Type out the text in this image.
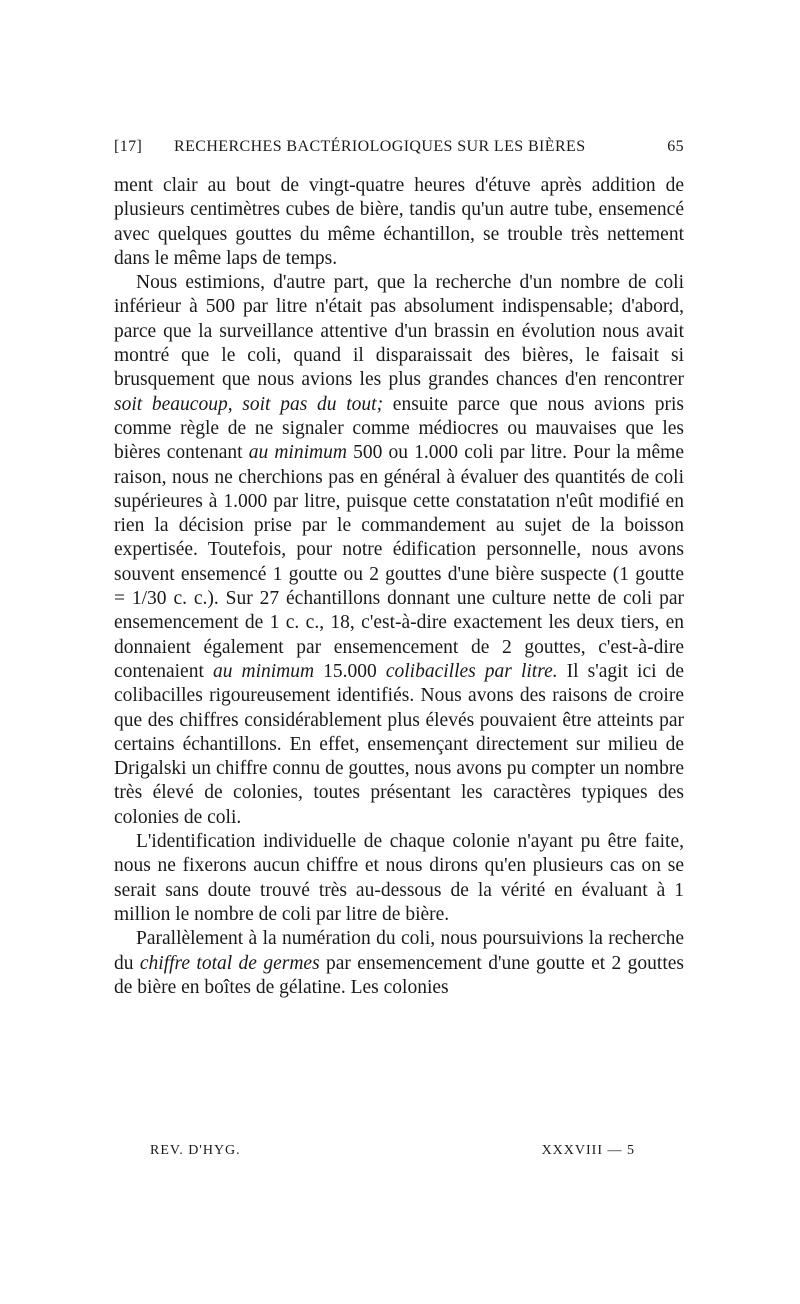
[17] RECHERCHES BACTÉRIOLOGIQUES SUR LES BIÈRES	65

ment clair au bout de vingt-quatre heures d'étuve après addition de plusieurs centimètres cubes de bière, tandis qu'un autre tube, ensemencé avec quelques gouttes du même échantillon, se trouble très nettement dans le même laps de temps.

Nous estimions, d'autre part, que la recherche d'un nombre de coli inférieur à 500 par litre n'était pas absolument indispensable; d'abord, parce que la surveillance attentive d'un brassin en évolution nous avait montré que le coli, quand il disparaissait des bières, le faisait si brusquement que nous avions les plus grandes chances d'en rencontrer soit beaucoup, soit pas du tout; ensuite parce que nous avions pris comme règle de ne signaler comme médiocres ou mauvaises que les bières contenant au minimum 500 ou 1.000 coli par litre. Pour la même raison, nous ne cherchions pas en général à évaluer des quantités de coli supérieures à 1.000 par litre, puisque cette constatation n'eût modifié en rien la décision prise par le commandement au sujet de la boisson expertisée. Toutefois, pour notre édification personnelle, nous avons souvent ensemencé 1 goutte ou 2 gouttes d'une bière suspecte (1 goutte = 1/30 c. c.). Sur 27 échantillons donnant une culture nette de coli par ensemencement de 1 c. c., 18, c'est-à-dire exactement les deux tiers, en donnaient également par ensemencement de 2 gouttes, c'est-à-dire contenaient au minimum 15.000 colibacilles par litre. Il s'agit ici de colibacilles rigoureusement identifiés. Nous avons des raisons de croire que des chiffres considérablement plus élevés pouvaient être atteints par certains échantillons. En effet, ensemençant directement sur milieu de Drigalski un chiffre connu de gouttes, nous avons pu compter un nombre très élevé de colonies, toutes présentant les caractères typiques des colonies de coli.

L'identification individuelle de chaque colonie n'ayant pu être faite, nous ne fixerons aucun chiffre et nous dirons qu'en plusieurs cas on se serait sans doute trouvé très au-dessous de la vérité en évaluant à 1 million le nombre de coli par litre de bière.

Parallèlement à la numération du coli, nous poursuivions la recherche du chiffre total de germes par ensemencement d'une goutte et 2 gouttes de bière en boîtes de gélatine. Les colonies

REV. D'HYG.	XXXVIII — 5
